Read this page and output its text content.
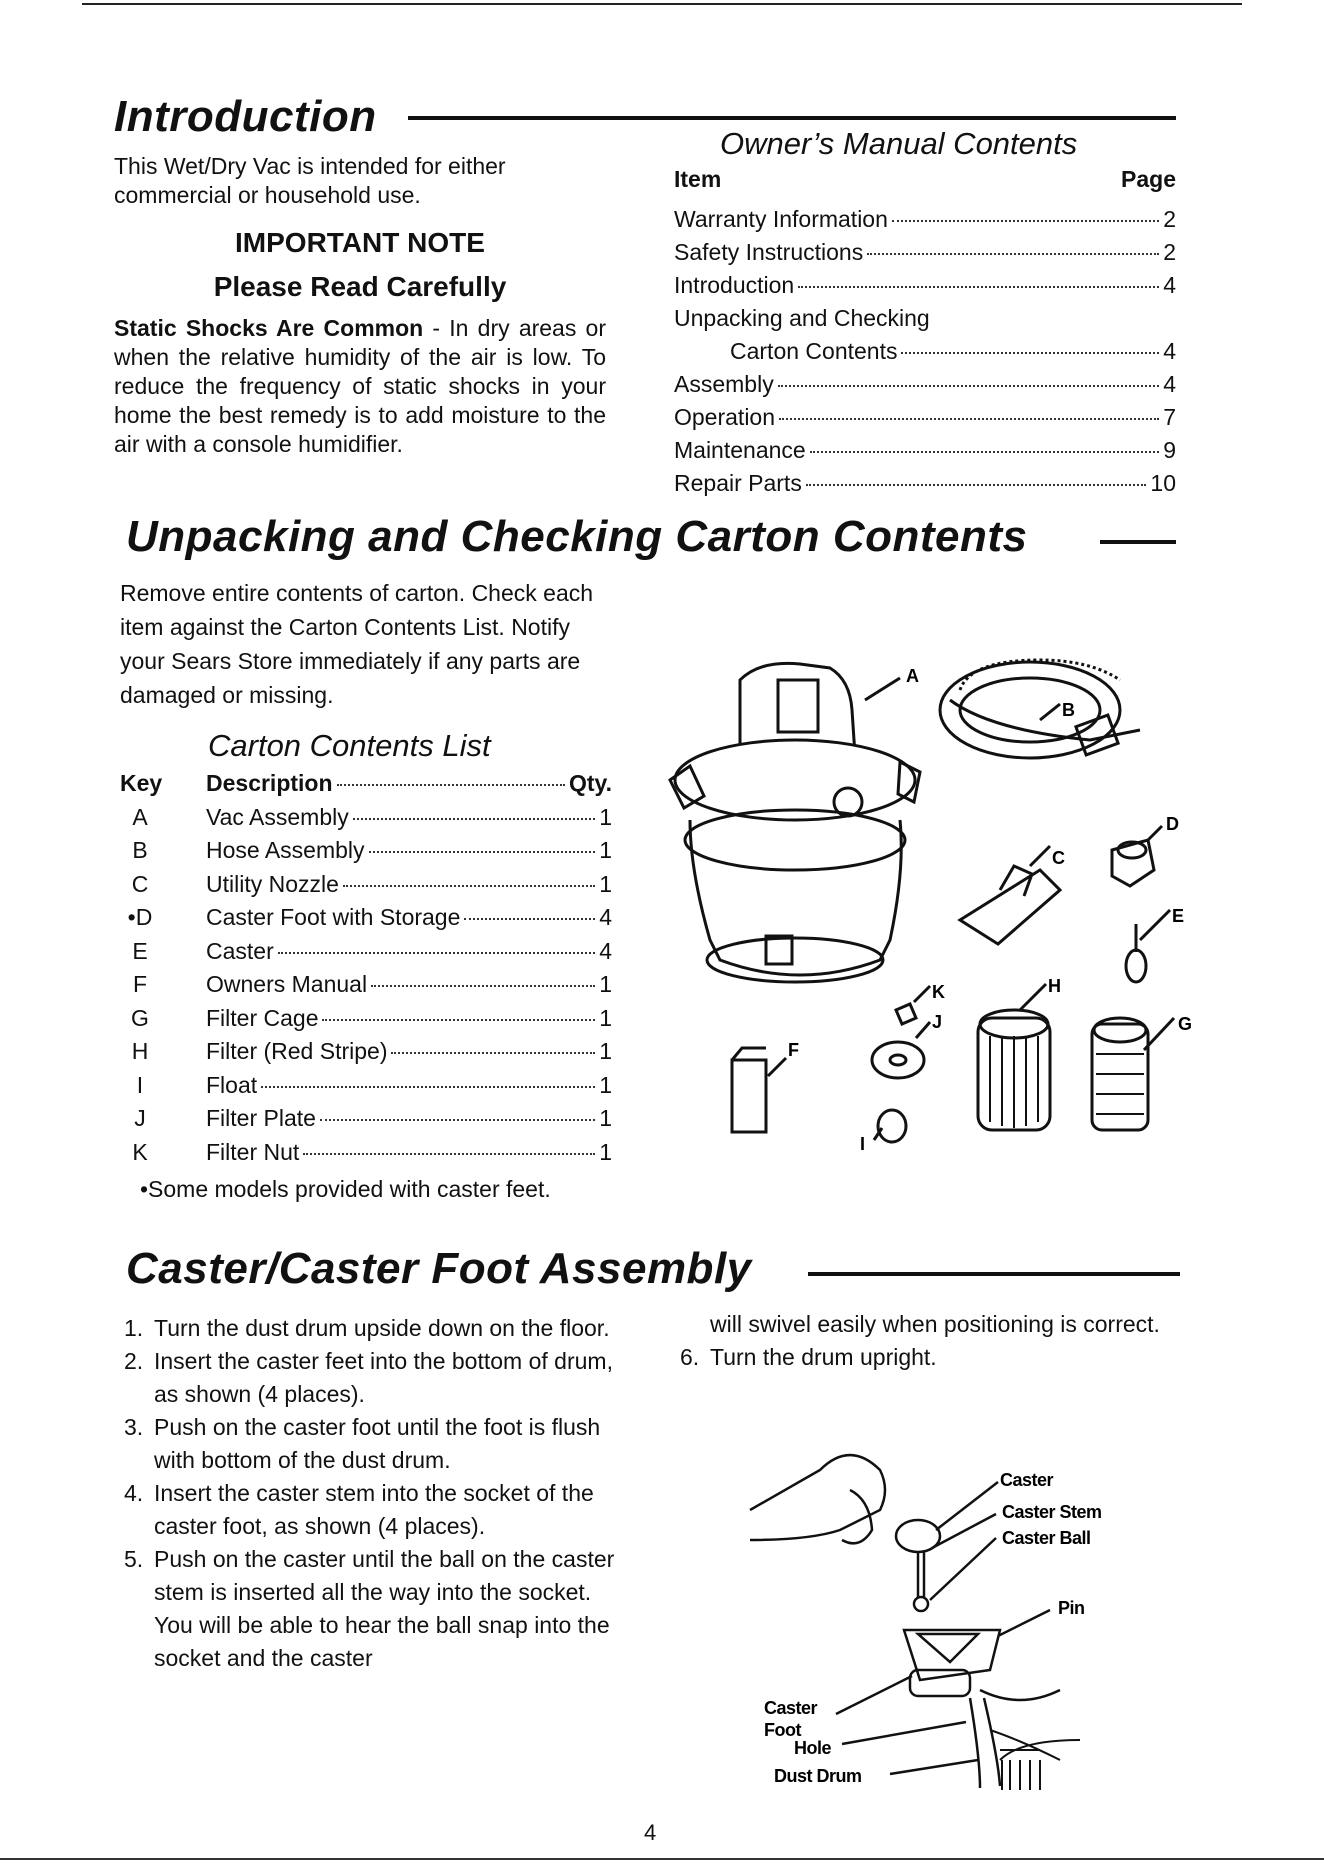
Introduction
This Wet/Dry Vac is intended for either commercial or household use.
IMPORTANT NOTE
Please Read Carefully
Static Shocks Are Common - In dry areas or when the relative humidity of the air is low. To reduce the frequency of static shocks in your home the best remedy is to add moisture to the air with a console humidifier.
Owner’s Manual Contents
Item	Page
Warranty Information	2
Safety Instructions	2
Introduction	4
Unpacking and Checking
Carton Contents	4
Assembly	4
Operation	7
Maintenance	9
Repair Parts	10
Unpacking and Checking Carton Contents
Remove entire contents of carton. Check each item against the Carton Contents List. Notify your Sears Store immediately if any parts are damaged or missing.
Carton Contents List
Key	Description	Qty.
A	Vac Assembly	1
B	Hose Assembly	1
C	Utility Nozzle	1
•D	Caster Foot with Storage	4
E	Caster	4
F	Owners Manual	1
G	Filter Cage	1
H	Filter (Red Stripe)	1
I	Float	1
J	Filter Plate	1
K	Filter Nut	1
•Some models provided with caster feet.
A
B
C
D
E
K
J
F
I
H
G
Caster/Caster Foot Assembly
1. Turn the dust drum upside down on the floor.
2. Insert the caster feet into the bottom of drum, as shown (4 places).
3. Push on the caster foot until the foot is flush with bottom of the dust drum.
4. Insert the caster stem into the socket of the caster foot, as shown (4 places).
5. Push on the caster until the ball on the caster stem is inserted all the way into the socket. You will be able to hear the ball snap into the socket and the caster
will swivel easily when positioning is correct.
6. Turn the drum upright.
Caster
Caster Stem
Caster Ball
Pin
Caster
Foot
Hole
Dust Drum
4
